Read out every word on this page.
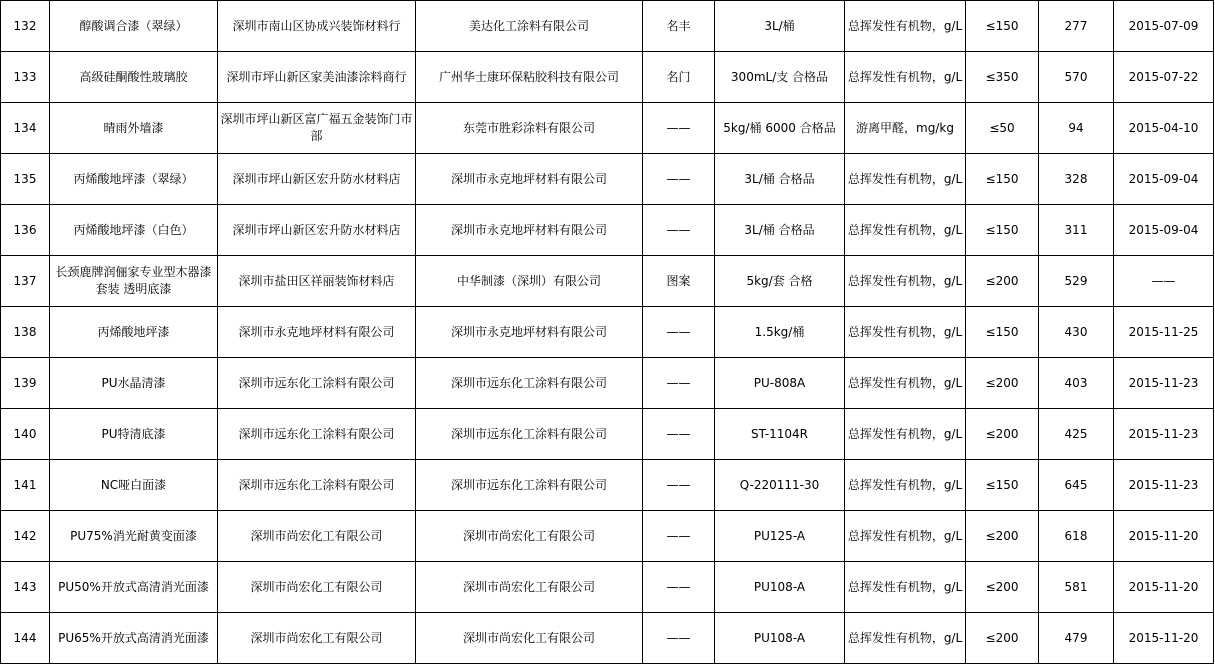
132	醇酸调合漆（翠绿）	深圳市南山区协成兴装饰材料行	美达化工涂料有限公司	名丰	3L/桶	总挥发性有机物，g/L	≤150	277	2015-07-09
133	高级硅酮酸性玻璃胶	深圳市坪山新区家美油漆涂料商行	广州华士康环保粘胶科技有限公司	名门	300mL/支 合格品	总挥发性有机物，g/L	≤350	570	2015-07-22
134	晴雨外墙漆	深圳市坪山新区富广福五金装饰门市部	东莞市胜彩涂料有限公司	——	5kg/桶 6000 合格品	游离甲醛，mg/kg	≤50	94	2015-04-10
135	丙烯酸地坪漆（翠绿）	深圳市坪山新区宏升防水材料店	深圳市永克地坪材料有限公司	——	3L/桶 合格品	总挥发性有机物，g/L	≤150	328	2015-09-04
136	丙烯酸地坪漆（白色）	深圳市坪山新区宏升防水材料店	深圳市永克地坪材料有限公司	——	3L/桶 合格品	总挥发性有机物，g/L	≤150	311	2015-09-04
137	长颈鹿牌润俪家专业型木器漆套装 透明底漆	深圳市盐田区祥丽装饰材料店	中华制漆（深圳）有限公司	图案	5kg/套 合格	总挥发性有机物，g/L	≤200	529	——
138	丙烯酸地坪漆	深圳市永克地坪材料有限公司	深圳市永克地坪材料有限公司	——	1.5kg/桶	总挥发性有机物，g/L	≤150	430	2015-11-25
139	PU水晶清漆	深圳市远东化工涂料有限公司	深圳市远东化工涂料有限公司	——	PU-808A	总挥发性有机物，g/L	≤200	403	2015-11-23
140	PU特清底漆	深圳市远东化工涂料有限公司	深圳市远东化工涂料有限公司	——	ST-1104R	总挥发性有机物，g/L	≤200	425	2015-11-23
141	NC哑白面漆	深圳市远东化工涂料有限公司	深圳市远东化工涂料有限公司	——	Q-220111-30	总挥发性有机物，g/L	≤150	645	2015-11-23
142	PU75%消光耐黄变面漆	深圳市尚宏化工有限公司	深圳市尚宏化工有限公司	——	PU125-A	总挥发性有机物，g/L	≤200	618	2015-11-20
143	PU50%开放式高清消光面漆	深圳市尚宏化工有限公司	深圳市尚宏化工有限公司	——	PU108-A	总挥发性有机物，g/L	≤200	581	2015-11-20
144	PU65%开放式高清消光面漆	深圳市尚宏化工有限公司	深圳市尚宏化工有限公司	——	PU108-A	总挥发性有机物，g/L	≤200	479	2015-11-20
